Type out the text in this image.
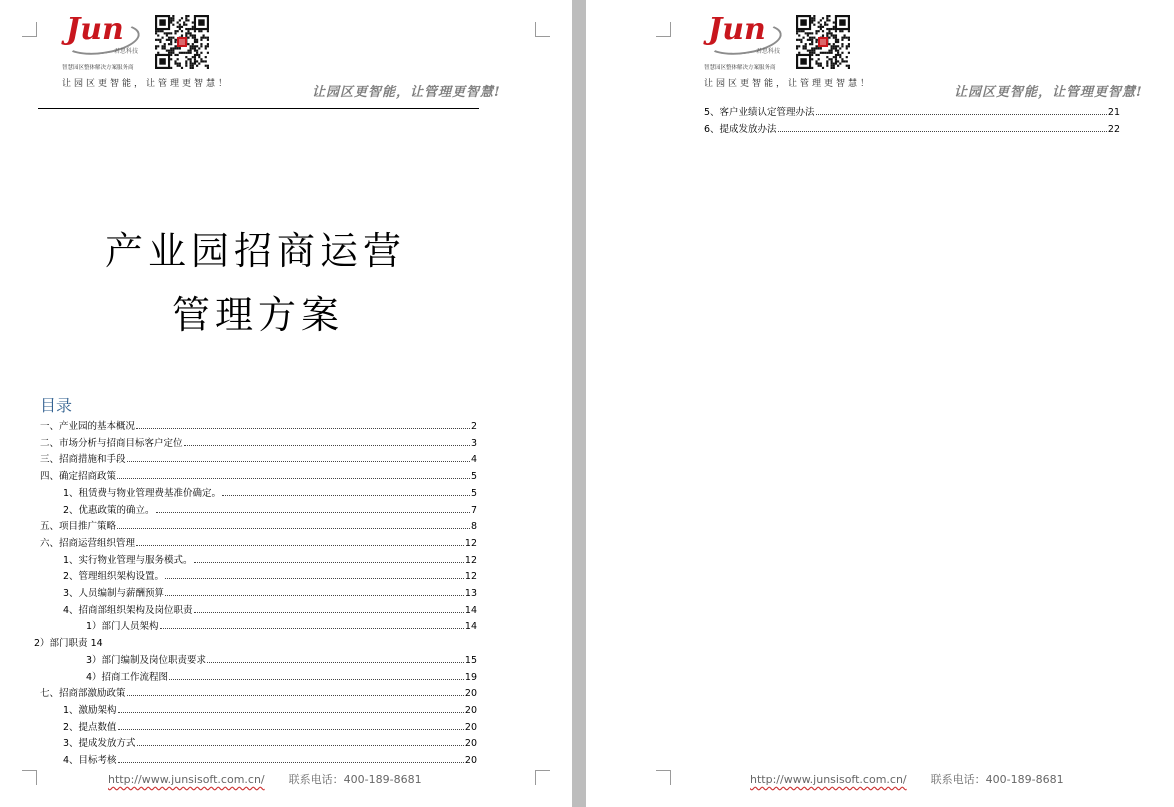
Jun
君思科技
智慧园区整体解决方案服务商
让园区更智能，让管理更智慧！
让园区更智能，让管理更智慧!
产业园招商运营
管理方案
目录
一、产业园的基本概况	2
二、市场分析与招商目标客户定位	3
三、招商措施和手段	4
四、确定招商政策	5
1、租赁费与物业管理费基准价确定。	5
2、优惠政策的确立。	7
五、项目推广策略	8
六、招商运营组织管理	12
1、实行物业管理与服务模式。	12
2、管理组织架构设置。	12
3、人员编制与薪酬预算	13
4、招商部组织架构及岗位职责	14
1）部门人员架构	14
2）部门职责 14
3）部门编制及岗位职责要求	15
4）招商工作流程图	19
七、招商部激励政策	20
1、激励架构	20
2、提点数值	20
3、提成发放方式	20
4、目标考核	20
http://www.junsisoft.com.cn/ 联系电话：400-189-8681
Jun
君思科技
智慧园区整体解决方案服务商
让园区更智能，让管理更智慧！
让园区更智能，让管理更智慧!
5、客户业绩认定管理办法	21
6、提成发放办法	22
http://www.junsisoft.com.cn/ 联系电话：400-189-8681
